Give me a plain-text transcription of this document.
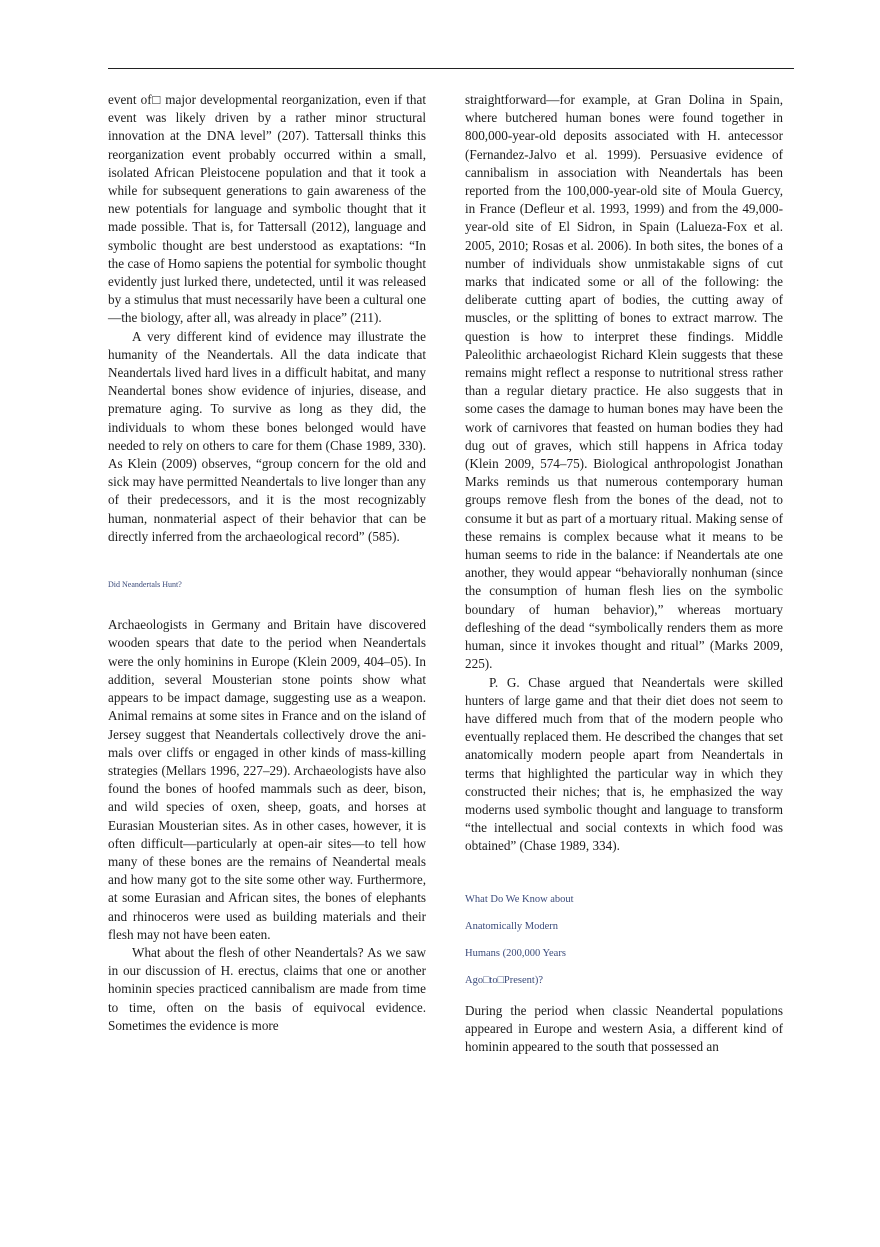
event of□ major developmental reorganization, even if that event was likely driven by a rather minor structural innovation at the DNA level” (207). Tattersall thinks this reorganization event probably occurred within a small, isolated African Pleistocene population and that it took a while for subsequent generations to gain awareness of the new potentials for language and symbolic thought that it made possible. That is, for Tattersall (2012), language and symbolic thought are best understood as exaptations: “In the case of Homo sapiens the potential for symbolic thought evidently just lurked there, undetected, until it was released by a stimulus that must necessarily have been a cultural one—the biology, after all, was already in place” (211).

A very different kind of evidence may illustrate the humanity of the Neandertals. All the data indicate that Neandertals lived hard lives in a difficult habitat, and many Neandertal bones show evidence of injuries, disease, and premature aging. To survive as long as they did, the individuals to whom these bones belonged would have needed to rely on others to care for them (Chase 1989, 330). As Klein (2009) observes, “group concern for the old and sick may have permitted Neandertals to live longer than any of their predecessors, and it is the most recognizably human, nonmaterial aspect of their behavior that can be directly inferred from the archaeological record” (585).

Did Neandertals Hunt?

Archaeologists in Germany and Britain have discovered wooden spears that date to the period when Neandertals were the only hominins in Europe (Klein 2009, 404–05). In addition, several Mousterian stone points show what appears to be impact damage, suggesting use as a weapon. Animal remains at some sites in France and on the island of Jersey suggest that Neandertals collectively drove the animals over cliffs or engaged in other kinds of mass-killing strategies (Mellars 1996, 227–29). Archaeologists have also found the bones of hoofed mammals such as deer, bison, and wild species of oxen, sheep, goats, and horses at Eurasian Mousterian sites. As in other cases, however, it is often difficult—particularly at open-air sites—to tell how many of these bones are the remains of Neandertal meals and how many got to the site some other way. Furthermore, at some Eurasian and African sites, the bones of elephants and rhinoceros were used as building materials and their flesh may not have been eaten.

What about the flesh of other Neandertals? As we saw in our discussion of H. erectus, claims that one or another hominin species practiced cannibalism are made from time to time, often on the basis of equivocal evidence. Sometimes the evidence is more

straightforward—for example, at Gran Dolina in Spain, where butchered human bones were found together in 800,000-year-old deposits associated with H. antecessor (Fernandez-Jalvo et al. 1999). Persuasive evidence of cannibalism in association with Neandertals has been reported from the 100,000-year-old site of Moula Guercy, in France (Defleur et al. 1993, 1999) and from the 49,000-year-old site of El Sidron, in Spain (Lalueza-Fox et al. 2005, 2010; Rosas et al. 2006). In both sites, the bones of a number of individuals show unmistakable signs of cut marks that indicated some or all of the following: the deliberate cutting apart of bodies, the cutting away of muscles, or the splitting of bones to extract marrow. The question is how to interpret these findings. Middle Paleolithic archaeologist Richard Klein suggests that these remains might reflect a response to nutritional stress rather than a regular dietary practice. He also suggests that in some cases the damage to human bones may have been the work of carnivores that feasted on human bodies they had dug out of graves, which still happens in Africa today (Klein 2009, 574–75). Biological anthropologist Jonathan Marks reminds us that numerous contemporary human groups remove flesh from the bones of the dead, not to consume it but as part of a mortuary ritual. Making sense of these remains is complex because what it means to be human seems to ride in the balance: if Neandertals ate one another, they would appear “behaviorally nonhuman (since the consumption of human flesh lies on the symbolic boundary of human behavior),” whereas mortuary defleshing of the dead “symbolically renders them as more human, since it invokes thought and ritual” (Marks 2009, 225).

P. G. Chase argued that Neandertals were skilled hunters of large game and that their diet does not seem to have differed much from that of the modern people who eventually replaced them. He described the changes that set anatomically modern people apart from Neandertals in terms that highlighted the particular way in which they constructed their niches; that is, he emphasized the way moderns used symbolic thought and language to transform “the intellectual and social contexts in which food was obtained” (Chase 1989, 334).

What Do We Know about
Anatomically Modern
Humans (200,000 Years
Ago□to□Present)?

During the period when classic Neandertal populations appeared in Europe and western Asia, a different kind of hominin appeared to the south that possessed an
